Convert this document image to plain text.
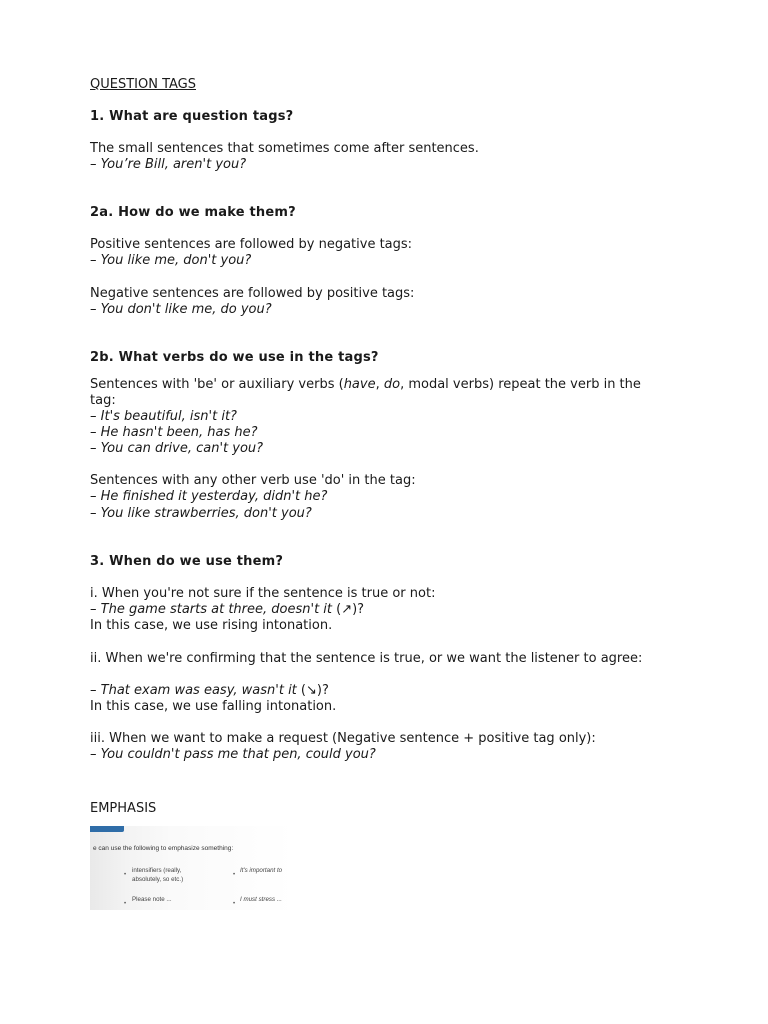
QUESTION TAGS
1. What are question tags?
The small sentences that sometimes come after sentences.
– You’re Bill, aren't you?
2a. How do we make them?
Positive sentences are followed by negative tags:
– You like me, don't you?
Negative sentences are followed by positive tags:
– You don't like me, do you?
2b. What verbs do we use in the tags?
Sentences with 'be' or auxiliary verbs (have, do, modal verbs) repeat the verb in the
tag:
– It's beautiful, isn't it?
– He hasn't been, has he?
– You can drive, can't you?
Sentences with any other verb use 'do' in the tag:
– He finished it yesterday, didn't he?
– You like strawberries, don't you?
3. When do we use them?
i. When you're not sure if the sentence is true or not:
– The game starts at three, doesn't it (↗)?
In this case, we use rising intonation.
ii. When we're confirming that the sentence is true, or we want the listener to agree:
– That exam was easy, wasn't it (↘)?
In this case, we use falling intonation.
iii. When we want to make a request (Negative sentence + positive tag only):
– You couldn't pass me that pen, could you?
EMPHASIS
e can use the following to emphasize something:
•
intensifiers (really,
absolutely, so etc.)
•
It's important to
•
Please note ...
•
I must stress ...
